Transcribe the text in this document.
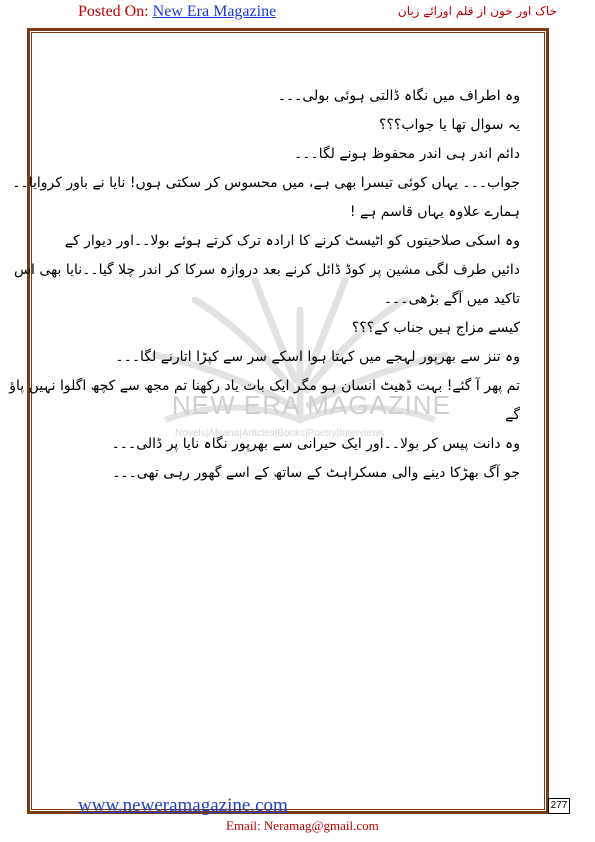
Posted On: New Era Magazine	خاک اور خون از قلم اوزائے زبان
NEW ERA MAGAZINE
Novels|Afsana|Articles|Books|Poetry|Interviews
وہ اطراف میں نگاہ ڈالتی ہوئی بولی۔۔۔
یہ سوال تھا یا جواب؟؟؟
دائم اندر ہی اندر محفوظ ہونے لگا۔۔۔
جواب۔۔۔ یہاں کوئی تیسرا بھی ہے، میں محسوس کر سکتی ہوں! نایا نے باور کروایا۔۔
ہمارے علاوہ یہاں قاسم ہے !
وہ اسکی صلاحیتوں کو اٹیسٹ کرنے کا ارادہ ترک کرتے ہوئے بولا۔۔اور دیوار کے
دائیں طرف لگی مشین پر کوڈ ڈائل کرنے بعد دروازہ سرکا کر اندر چلا گیا۔۔نایا بھی اس
تاکید میں آگے بڑھی۔۔۔
کیسے مزاج ہیں جناب کے؟؟؟
وہ تنز سے بھرپور لہجے میں کہتا ہوا اسکے سر سے کپڑا اتارنے لگا۔۔۔
تم پھر آ گئے! بہت ڈھیٹ انسان ہو مگر ایک بات یاد رکھنا تم مجھ سے کچھ اگلوا نہیں پاؤ
گے
وہ دانت پیس کر بولا۔۔اور ایک حیرانی سے بھرپور نگاہ نایا پر ڈالی۔۔۔
جو آگ بھڑکا دینے والی مسکراہٹ کے ساتھ کے اسے گھور رہی تھی۔۔۔
www.neweramagazine.com	277
Email: Neramag@gmail.com
